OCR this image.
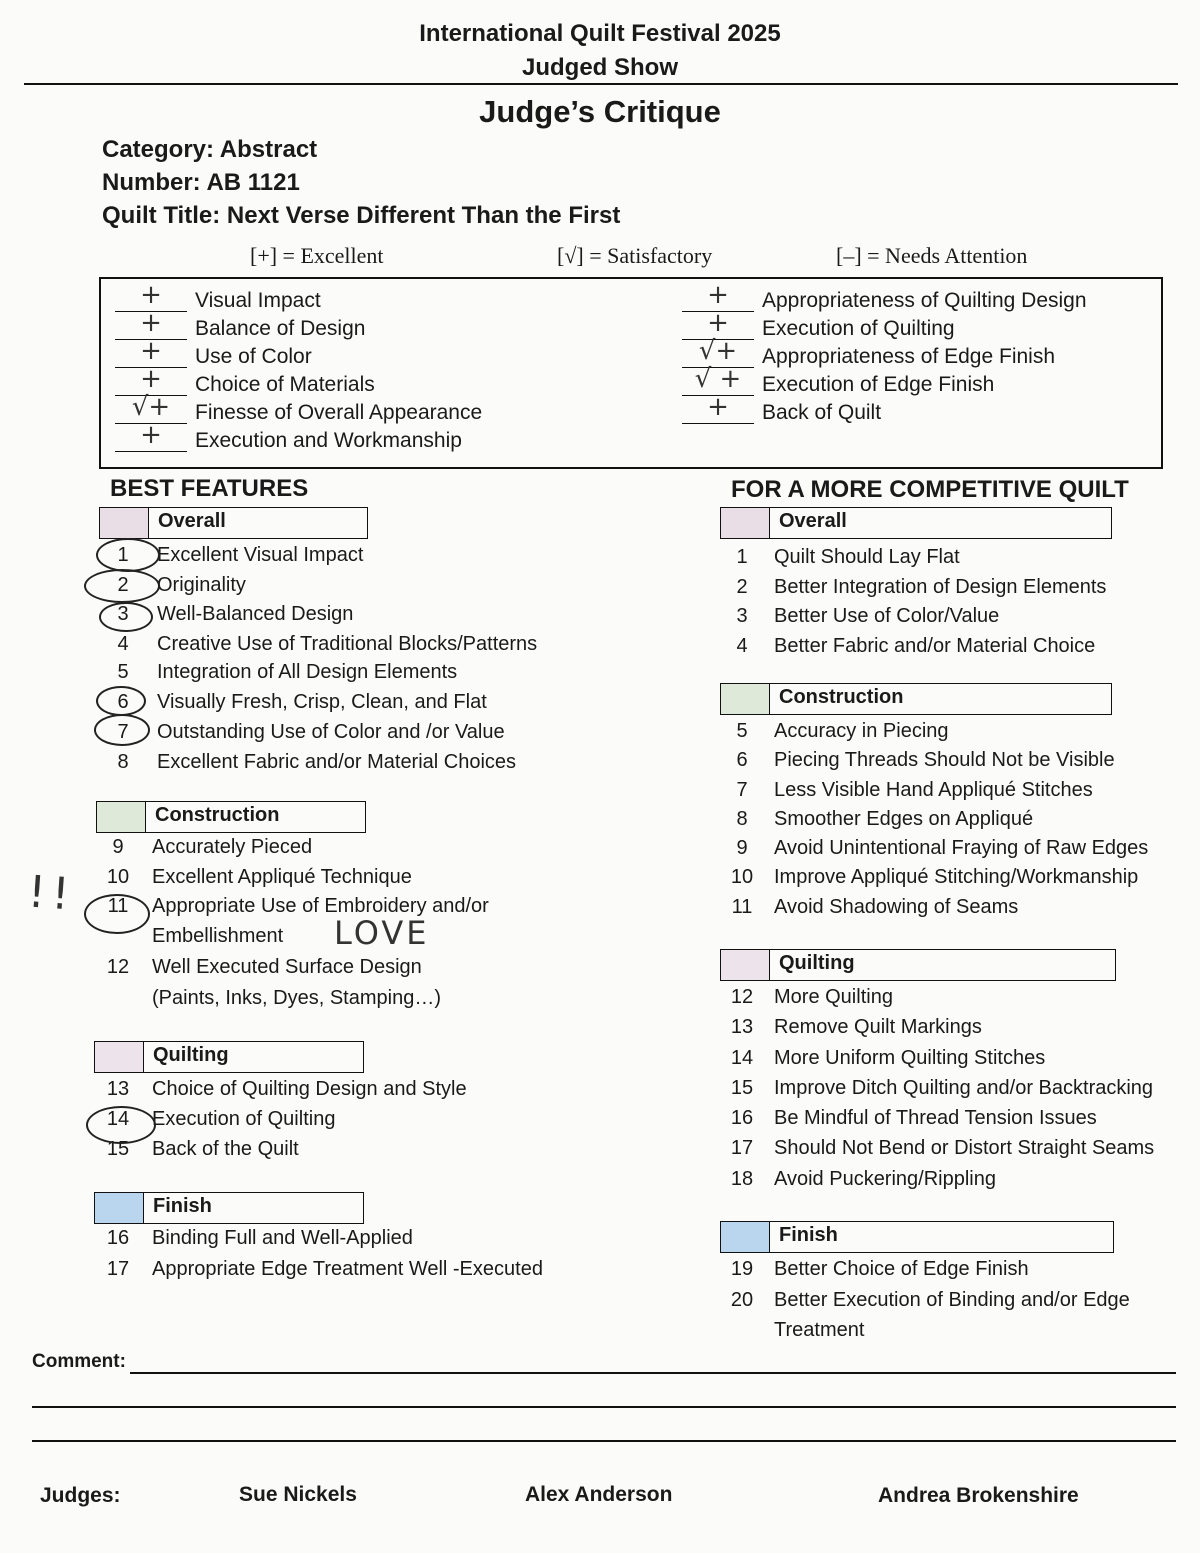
International Quilt Festival 2025
Judged Show
Judge’s Critique
Category: Abstract
Number: AB 1121
Quilt Title: Next Verse Different Than the First
[+] = Excellent	[√] = Satisfactory	[–] = Needs Attention
+	Visual Impact
+	Balance of Design
+	Use of Color
+	Choice of Materials
√+	Finesse of Overall Appearance
+	Execution and Workmanship
+	Appropriateness of Quilting Design
+	Execution of Quilting
√+	Appropriateness of Edge Finish
√ + Execution of Edge Finish
+	Back of Quilt
BEST FEATURES
Overall
1 Excellent Visual Impact
2 Originality
3 Well-Balanced Design
4 Creative Use of Traditional Blocks/Patterns
5 Integration of All Design Elements
6 Visually Fresh, Crisp, Clean, and Flat
7 Outstanding Use of Color and /or Value
8 Excellent Fabric and/or Material Choices
Construction
9 Accurately Pieced
10 Excellent Appliqué Technique
11 Appropriate Use of Embroidery and/or
Embellishment
12 Well Executed Surface Design
(Paints, Inks, Dyes, Stamping…)
Quilting
13 Choice of Quilting Design and Style
14 Execution of Quilting
15 Back of the Quilt
Finish
16 Binding Full and Well-Applied
17 Appropriate Edge Treatment Well -Executed
!!
LOVE
FOR A MORE COMPETITIVE QUILT
Overall
1 Quilt Should Lay Flat
2 Better Integration of Design Elements
3 Better Use of Color/Value
4 Better Fabric and/or Material Choice
Construction
5 Accuracy in Piecing
6 Piecing Threads Should Not be Visible
7 Less Visible Hand Appliqué Stitches
8 Smoother Edges on Appliqué
9 Avoid Unintentional Fraying of Raw Edges
10 Improve Appliqué Stitching/Workmanship
11 Avoid Shadowing of Seams
Quilting
12 More Quilting
13 Remove Quilt Markings
14 More Uniform Quilting Stitches
15 Improve Ditch Quilting and/or Backtracking
16 Be Mindful of Thread Tension Issues
17 Should Not Bend or Distort Straight Seams
18 Avoid Puckering/Rippling
Finish
19 Better Choice of Edge Finish
20 Better Execution of Binding and/or Edge
Treatment
Comment:
Judges:	Sue Nickels	Alex Anderson	Andrea Brokenshire
